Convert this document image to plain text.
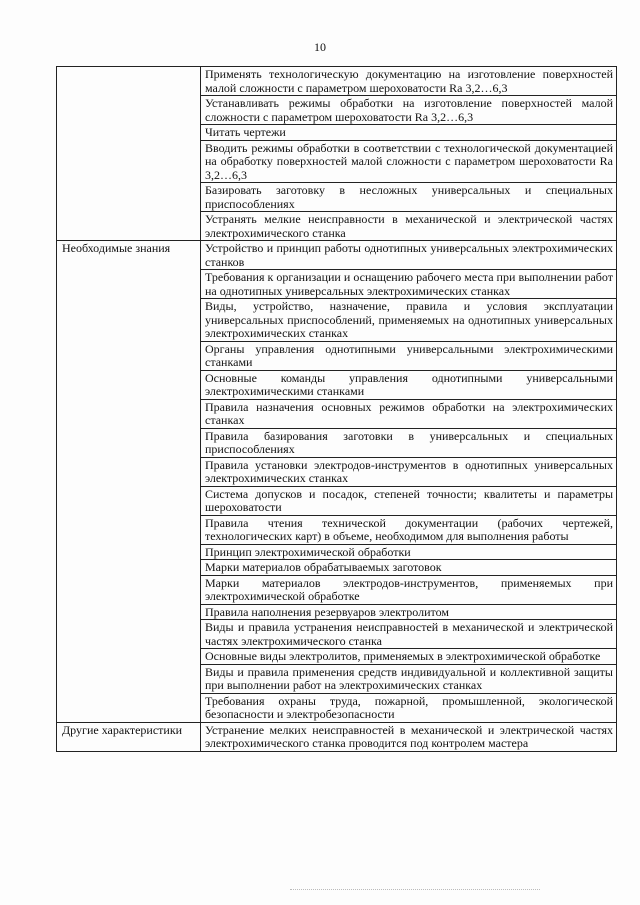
10
	Применять технологическую документацию на изготовление поверхностей малой сложности с параметром шероховатости Ra 3,2…6,3
	Устанавливать режимы обработки на изготовление поверхностей малой сложности с параметром шероховатости Ra 3,2…6,3
	Читать чертежи
	Вводить режимы обработки в соответствии с технологической документацией на обработку поверхностей малой сложности с параметром шероховатости Ra 3,2…6,3
	Базировать заготовку в несложных универсальных и специальных приспособлениях
	Устранять мелкие неисправности в механической и электрической частях электрохимического станка
Необходимые знания	Устройство и принцип работы однотипных универсальных электрохимических станков
	Требования к организации и оснащению рабочего места при выполнении работ на однотипных универсальных электрохимических станках
	Виды, устройство, назначение, правила и условия эксплуатации универсальных приспособлений, применяемых на однотипных универсальных электрохимических станках
	Органы управления однотипными универсальными электрохимическими станками
	Основные команды управления однотипными универсальными электрохимическими станками
	Правила назначения основных режимов обработки на электрохимических станках
	Правила базирования заготовки в универсальных и специальных приспособлениях
	Правила установки электродов-инструментов в однотипных универсальных электрохимических станках
	Система допусков и посадок, степеней точности; квалитеты и параметры шероховатости
	Правила чтения технической документации (рабочих чертежей, технологических карт) в объеме, необходимом для выполнения работы
	Принцип электрохимической обработки
	Марки материалов обрабатываемых заготовок
	Марки материалов электродов-инструментов, применяемых при электрохимической обработке
	Правила наполнения резервуаров электролитом
	Виды и правила устранения неисправностей в механической и электрической частях электрохимического станка
	Основные виды электролитов, применяемых в электрохимической обработке
	Виды и правила применения средств индивидуальной и коллективной защиты при выполнении работ на электрохимических станках
	Требования охраны труда, пожарной, промышленной, экологической безопасности и электробезопасности
Другие характеристики	Устранение мелких неисправностей в механической и электрической частях электрохимического станка проводится под контролем мастера
